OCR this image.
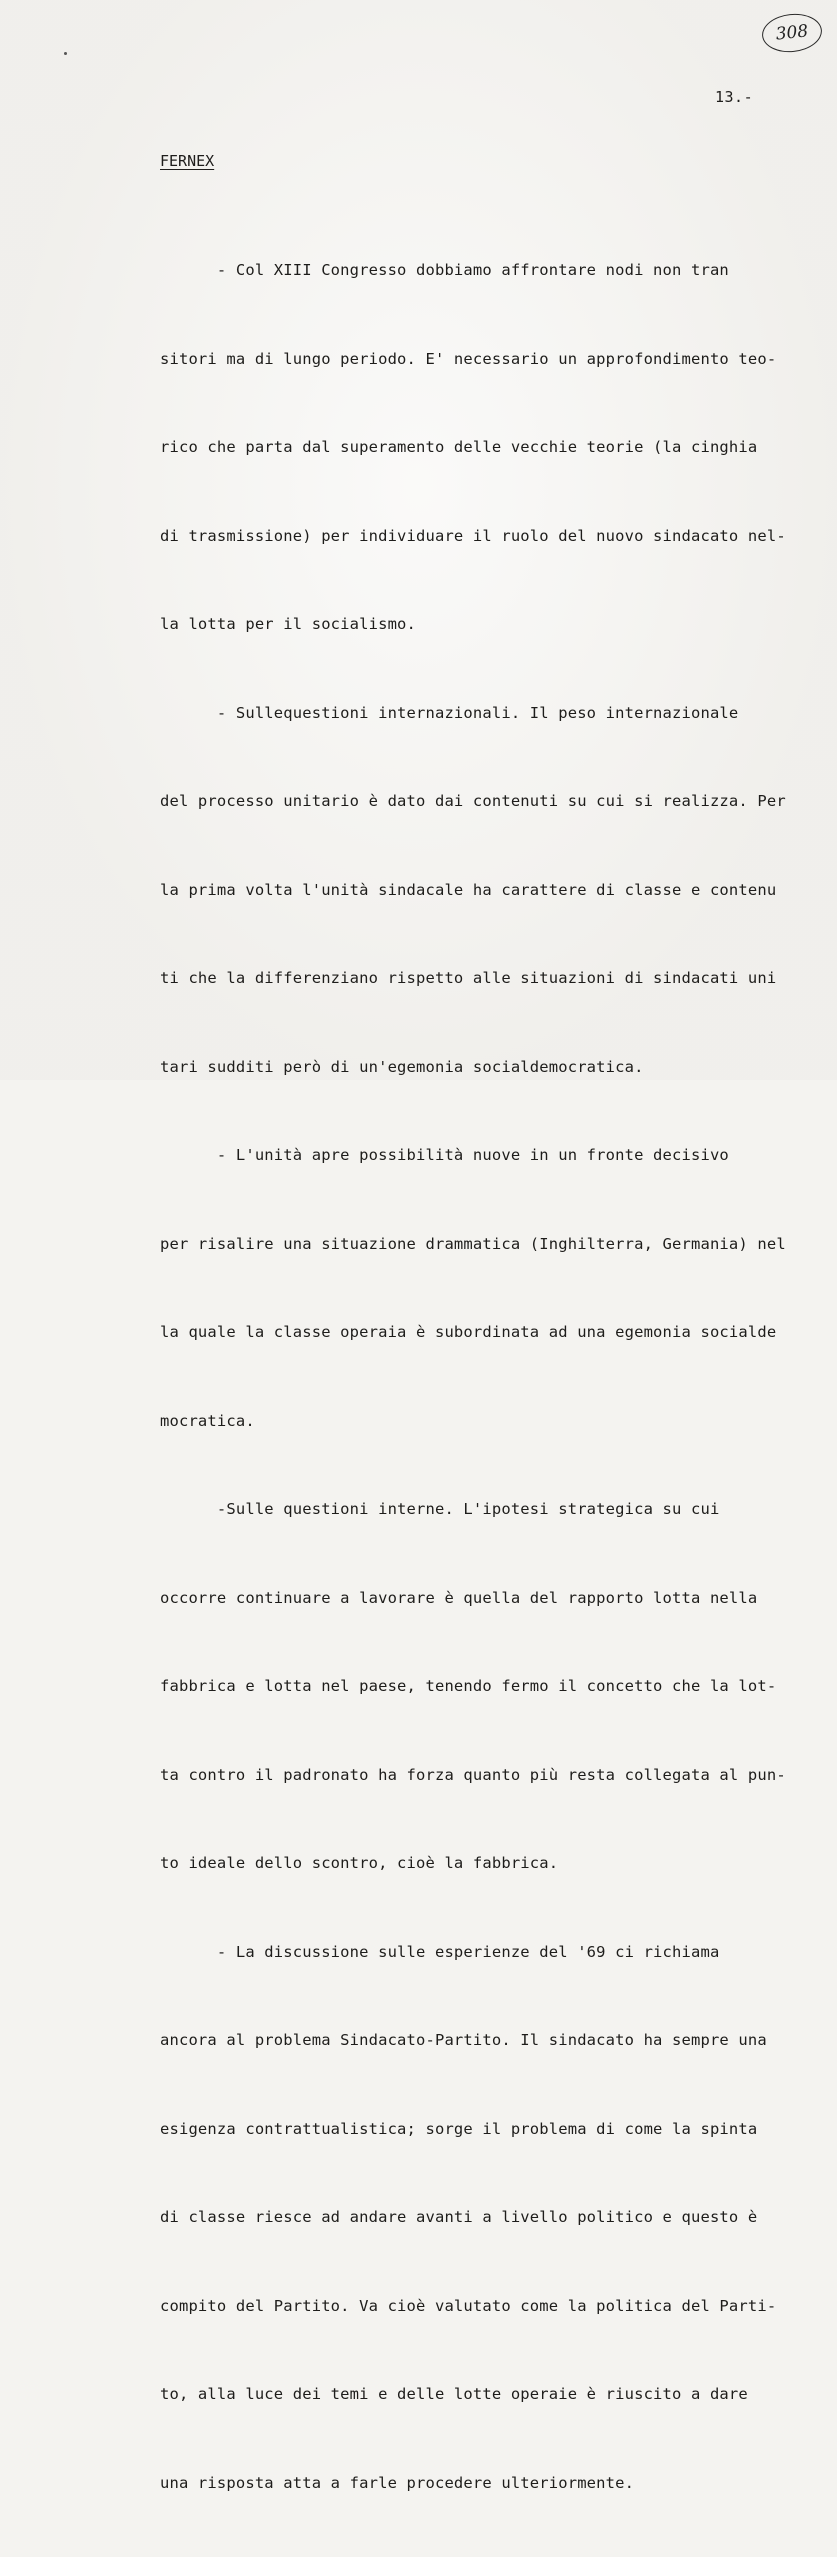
308
13.-
FERNEX

- Col XIII Congresso dobbiamo affrontare nodi non tran

sitori ma di lungo periodo. E' necessario un approfondimento teo-

rico che parta dal superamento delle vecchie teorie (la cinghia

di trasmissione) per individuare il ruolo del nuovo sindacato nel-

la lotta per il socialismo.

- Sullequestioni internazionali. Il peso internazionale

del processo unitario è dato dai contenuti su cui si realizza. Per

la prima volta l'unità sindacale ha carattere di classe e contenu

ti che la differenziano rispetto alle situazioni di sindacati uni

tari sudditi però di un'egemonia socialdemocratica.

- L'unità apre possibilità nuove in un fronte decisivo

per risalire una situazione drammatica (Inghilterra, Germania) nel

la quale la classe operaia è subordinata ad una egemonia socialde

mocratica.

-Sulle questioni interne. L'ipotesi strategica su cui

occorre continuare a lavorare è quella del rapporto lotta nella

fabbrica e lotta nel paese, tenendo fermo il concetto che la lot-

ta contro il padronato ha forza quanto più resta collegata al pun-

to ideale dello scontro, cioè la fabbrica.

- La discussione sulle esperienze del '69 ci richiama

ancora al problema Sindacato-Partito. Il sindacato ha sempre una

esigenza contrattualistica; sorge il problema di come la spinta

di classe riesce ad andare avanti a livello politico e questo è

compito del Partito. Va cioè valutato come la politica del Parti-

to, alla luce dei temi e delle lotte operaie è riuscito a dare

una risposta atta a farle procedere ulteriormente.
